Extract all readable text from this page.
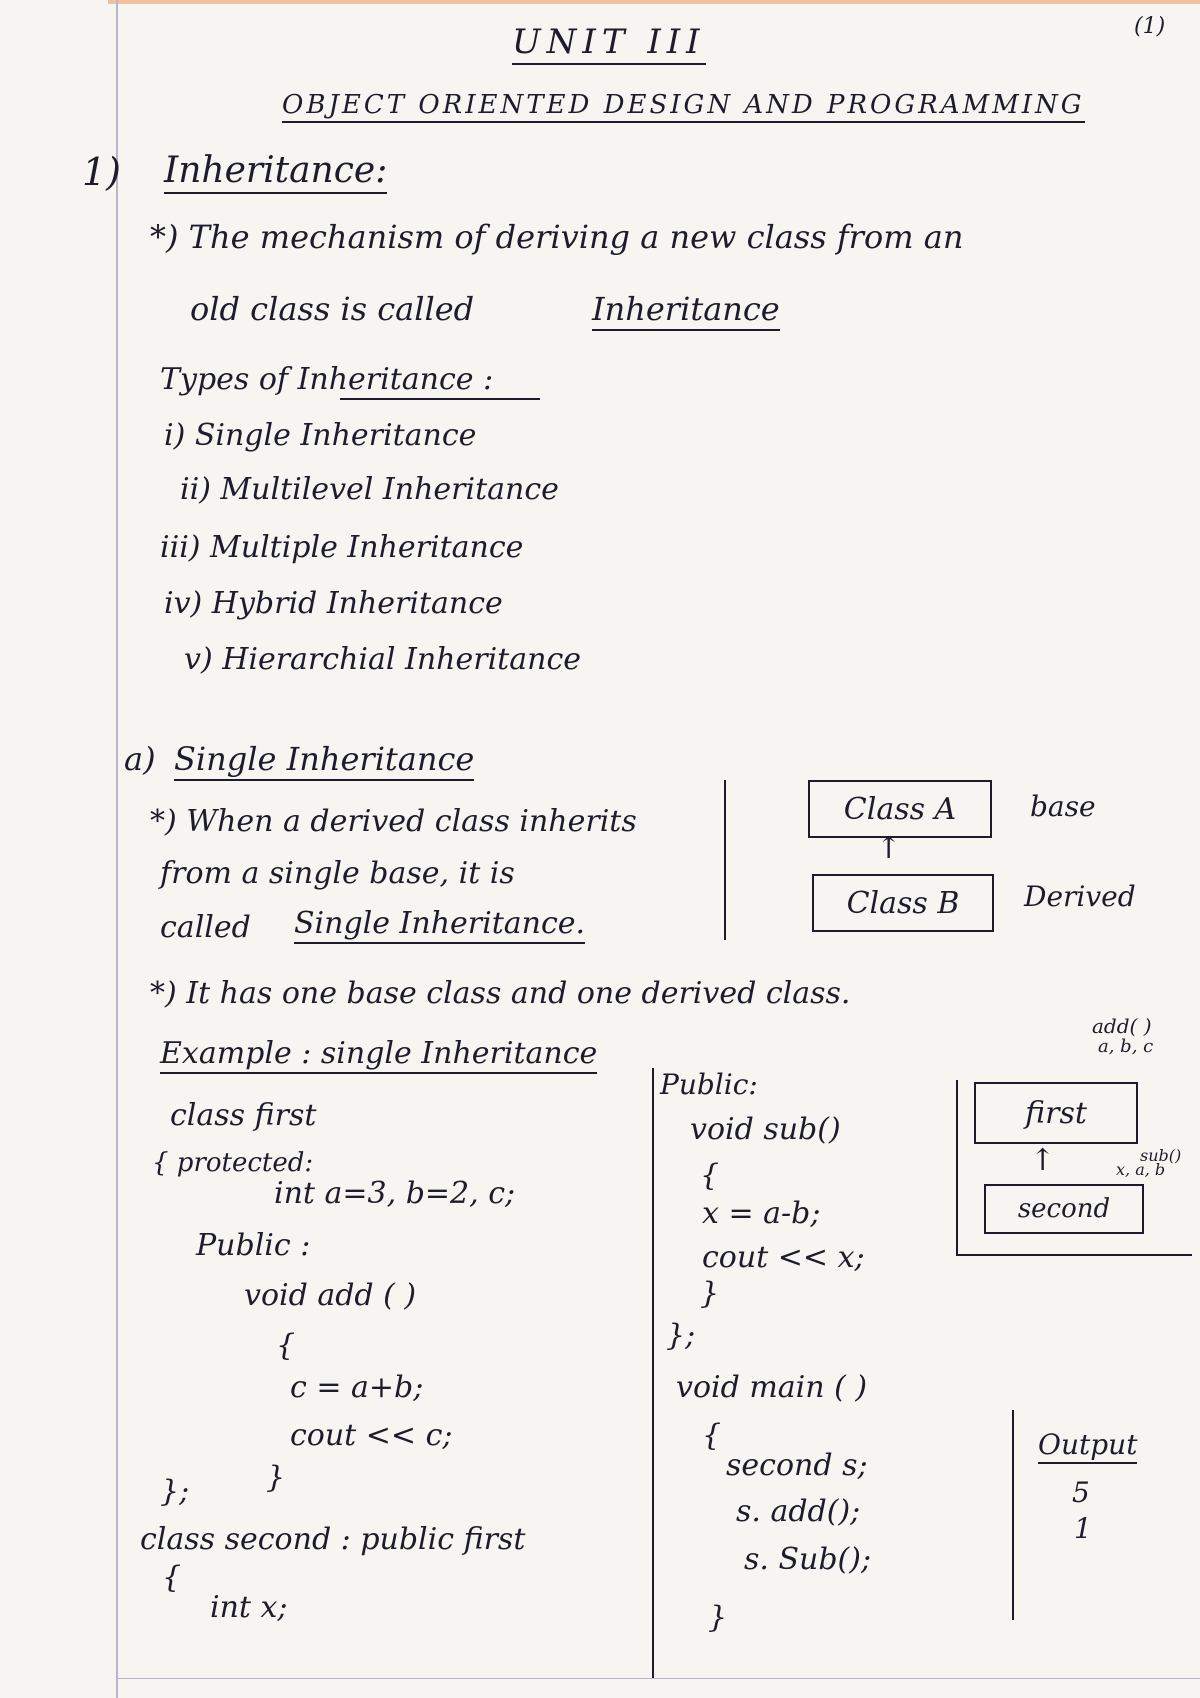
UNIT III	(1)
OBJECT ORIENTED DESIGN AND PROGRAMMING
1) Inheritance:
*) The mechanism of deriving a new class from an
old class is called	Inheritance
Types of Inheritance :
i) Single Inheritance
ii) Multilevel Inheritance
iii) Multiple Inheritance
iv) Hybrid Inheritance
v) Hierarchial Inheritance
a) Single Inheritance
*) When a derived class inherits
from a single base, it is
called Single Inheritance.
Class A	base
↑
Class B	Derived
*) It has one base class and one derived class.
Example : single Inheritance
class first
{ protected:
int a=3, b=2, c;
Public :
void add ( )
{
c = a+b;
cout << c;
}
};
class second : public first
{
int x;
Public:
void sub()
{
x = a-b;
cout << x;
}
};
void main ( )
{
second s;
s. add();
s. Sub();
}
add( )
a, b, c
first
↑
second
sub()
x, a, b
Output
5
1
